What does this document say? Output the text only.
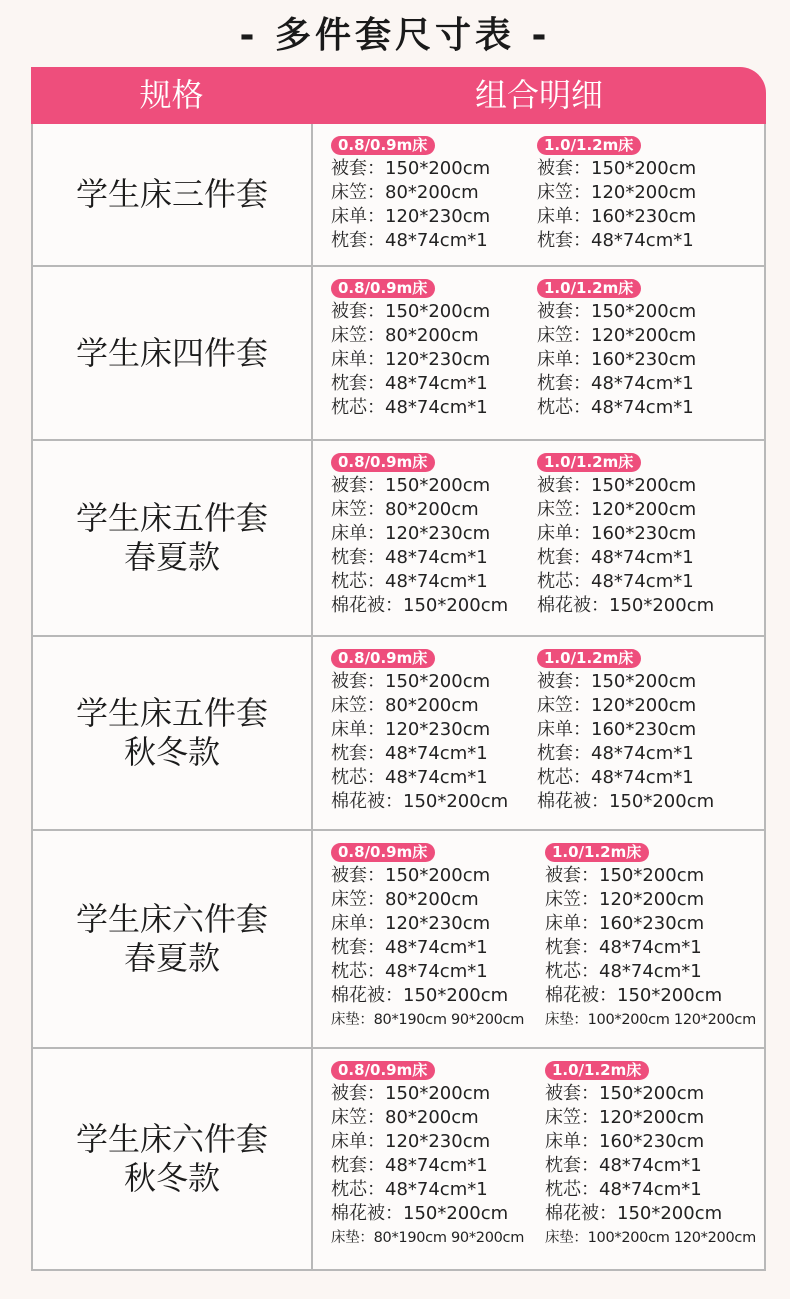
- 多件套尺寸表 -
规格	组合明细
学生床三件套
0.8/0.9m床
被套：150*200cm
床笠：80*200cm
床单：120*230cm
枕套：48*74cm*1
1.0/1.2m床
被套：150*200cm
床笠：120*200cm
床单：160*230cm
枕套：48*74cm*1
学生床四件套
0.8/0.9m床
被套：150*200cm
床笠：80*200cm
床单：120*230cm
枕套：48*74cm*1
枕芯：48*74cm*1
1.0/1.2m床
被套：150*200cm
床笠：120*200cm
床单：160*230cm
枕套：48*74cm*1
枕芯：48*74cm*1
学生床五件套
春夏款
0.8/0.9m床
被套：150*200cm
床笠：80*200cm
床单：120*230cm
枕套：48*74cm*1
枕芯：48*74cm*1
棉花被：150*200cm
1.0/1.2m床
被套：150*200cm
床笠：120*200cm
床单：160*230cm
枕套：48*74cm*1
枕芯：48*74cm*1
棉花被：150*200cm
学生床五件套
秋冬款
0.8/0.9m床
被套：150*200cm
床笠：80*200cm
床单：120*230cm
枕套：48*74cm*1
枕芯：48*74cm*1
棉花被：150*200cm
1.0/1.2m床
被套：150*200cm
床笠：120*200cm
床单：160*230cm
枕套：48*74cm*1
枕芯：48*74cm*1
棉花被：150*200cm
学生床六件套
春夏款
0.8/0.9m床
被套：150*200cm
床笠：80*200cm
床单：120*230cm
枕套：48*74cm*1
枕芯：48*74cm*1
棉花被：150*200cm
床垫：80*190cm 90*200cm
1.0/1.2m床
被套：150*200cm
床笠：120*200cm
床单：160*230cm
枕套：48*74cm*1
枕芯：48*74cm*1
棉花被：150*200cm
床垫：100*200cm 120*200cm
学生床六件套
秋冬款
0.8/0.9m床
被套：150*200cm
床笠：80*200cm
床单：120*230cm
枕套：48*74cm*1
枕芯：48*74cm*1
棉花被：150*200cm
床垫：80*190cm 90*200cm
1.0/1.2m床
被套：150*200cm
床笠：120*200cm
床单：160*230cm
枕套：48*74cm*1
枕芯：48*74cm*1
棉花被：150*200cm
床垫：100*200cm 120*200cm
